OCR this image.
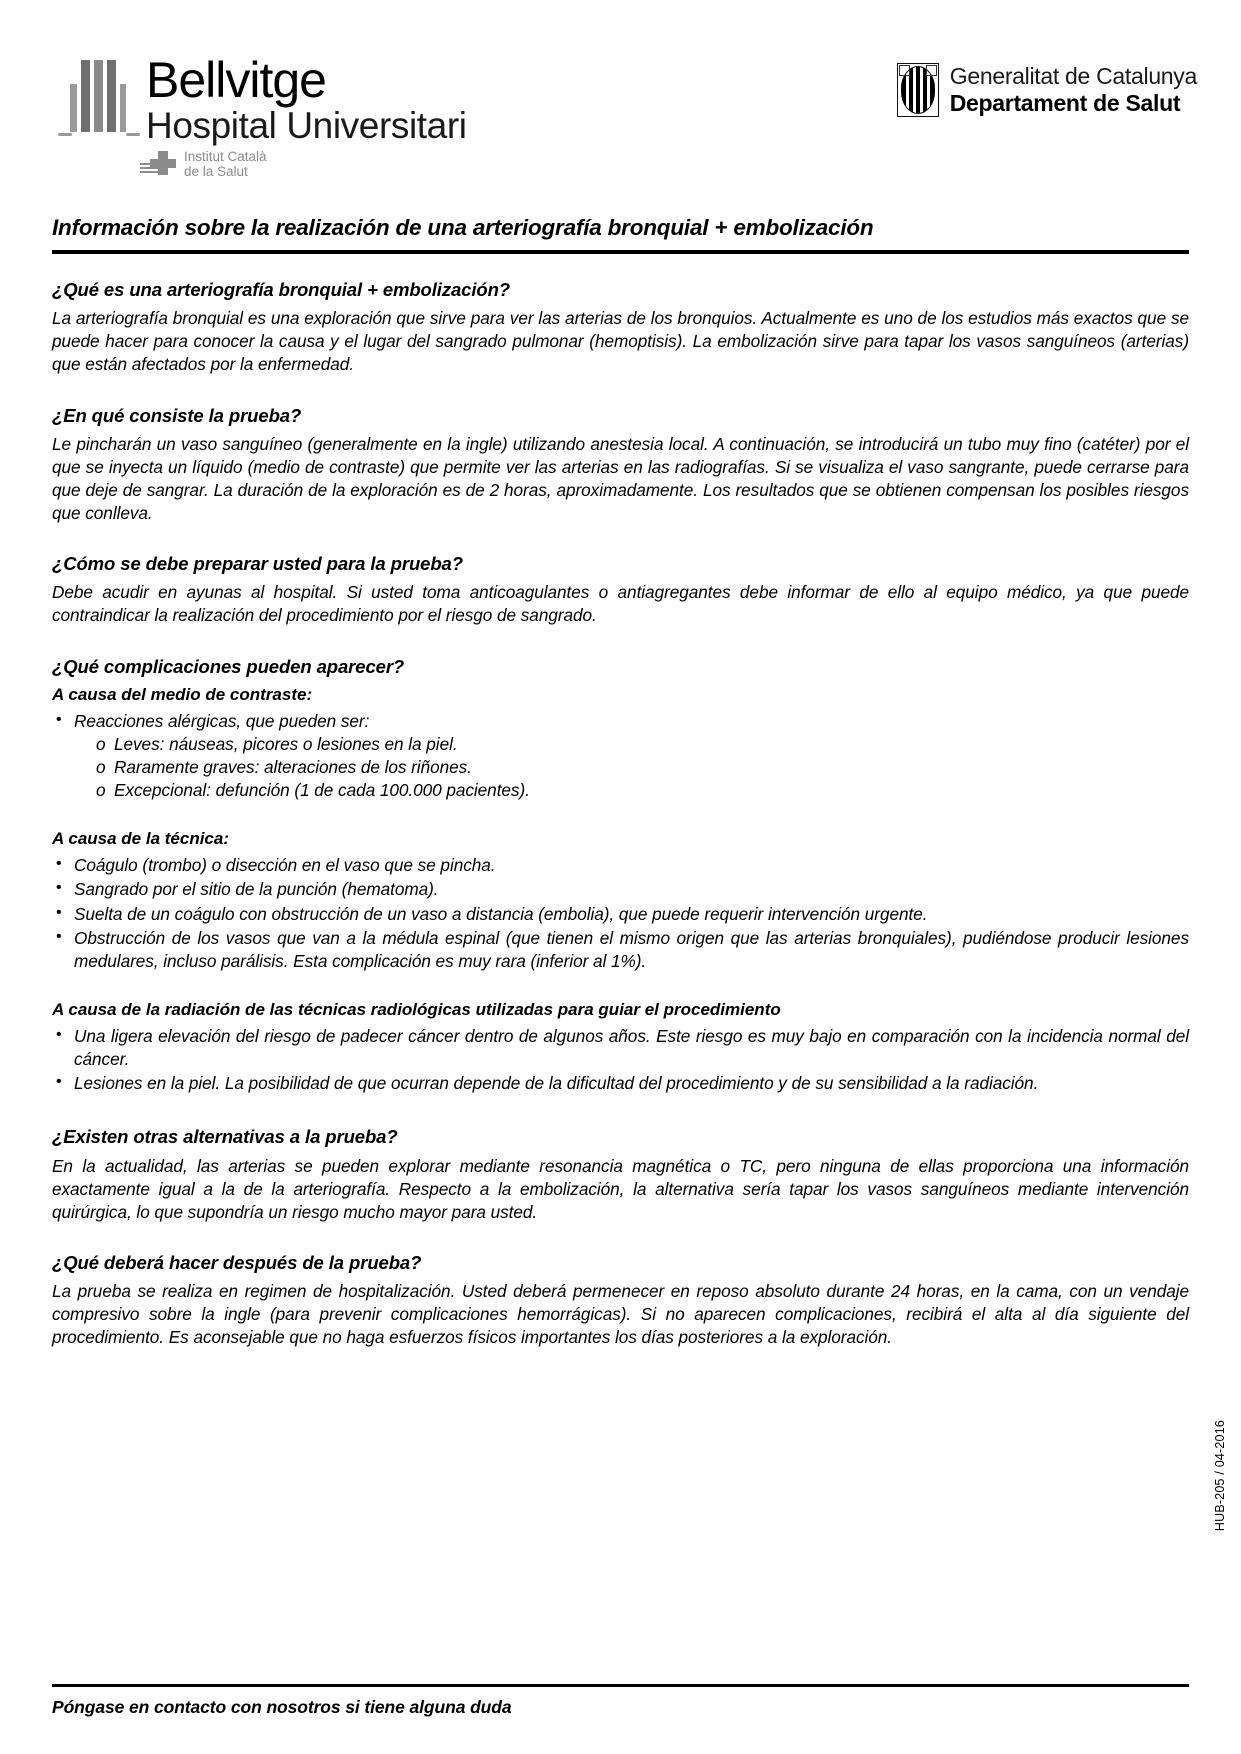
Bellvitge
Hospital Universitari
Institut Català
de la Salut
Generalitat de Catalunya
Departament de Salut
Información sobre la realización de una arteriografía bronquial + embolización
¿Qué es una arteriografía bronquial + embolización?

La arteriografía bronquial es una exploración que sirve para ver las arterias de los bronquios. Actualmente es uno de los estudios más exactos que se puede hacer para conocer la causa y el lugar del sangrado pulmonar (hemoptisis). La embolización sirve para tapar los vasos sanguíneos (arterias) que están afectados por la enfermedad.

¿En qué consiste la prueba?

Le pincharán un vaso sanguíneo (generalmente en la ingle) utilizando anestesia local. A continuación, se introducirá un tubo muy fino (catéter) por el que se inyecta un líquido (medio de contraste) que permite ver las arterias en las radiografías. Si se visualiza el vaso sangrante, puede cerrarse para que deje de sangrar. La duración de la exploración es de 2 horas, aproximadamente. Los resultados que se obtienen compensan los posibles riesgos que conlleva.

¿Cómo se debe preparar usted para la prueba?

Debe acudir en ayunas al hospital. Si usted toma anticoagulantes o antiagregantes debe informar de ello al equipo médico, ya que puede contraindicar la realización del procedimiento por el riesgo de sangrado.

¿Qué complicaciones pueden aparecer?
A causa del medio de contraste:
• Reacciones alérgicas, que pueden ser:
o Leves: náuseas, picores o lesiones en la piel.
o Raramente graves: alteraciones de los riñones.
o Excepcional: defunción (1 de cada 100.000 pacientes).
A causa de la técnica:
• Coágulo (trombo) o disección en el vaso que se pincha.
• Sangrado por el sitio de la punción (hematoma).
• Suelta de un coágulo con obstrucción de un vaso a distancia (embolia), que puede requerir intervención urgente.
• Obstrucción de los vasos que van a la médula espinal (que tienen el mismo origen que las arterias bronquiales), pudiéndose producir lesiones medulares, incluso parálisis. Esta complicación es muy rara (inferior al 1%).
A causa de la radiación de las técnicas radiológicas utilizadas para guiar el procedimiento
• Una ligera elevación del riesgo de padecer cáncer dentro de algunos años. Este riesgo es muy bajo en comparación con la incidencia normal del cáncer.
• Lesiones en la piel. La posibilidad de que ocurran depende de la dificultad del procedimiento y de su sensibilidad a la radiación.
¿Existen otras alternativas a la prueba?

En la actualidad, las arterias se pueden explorar mediante resonancia magnética o TC, pero ninguna de ellas proporciona una información exactamente igual a la de la arteriografía. Respecto a la embolización, la alternativa sería tapar los vasos sanguíneos mediante intervención quirúrgica, lo que supondría un riesgo mucho mayor para usted.

¿Qué deberá hacer después de la prueba?

La prueba se realiza en regimen de hospitalización. Usted deberá permenecer en reposo absoluto durante 24 horas, en la cama, con un vendaje compresivo sobre la ingle (para prevenir complicaciones hemorrágicas). Si no aparecen complicaciones, recibirá el alta al día siguiente del procedimiento. Es aconsejable que no haga esfuerzos físicos importantes los días posteriores a la exploración.

HUB-205 / 04-2016
Póngase en contacto con nosotros si tiene alguna duda
